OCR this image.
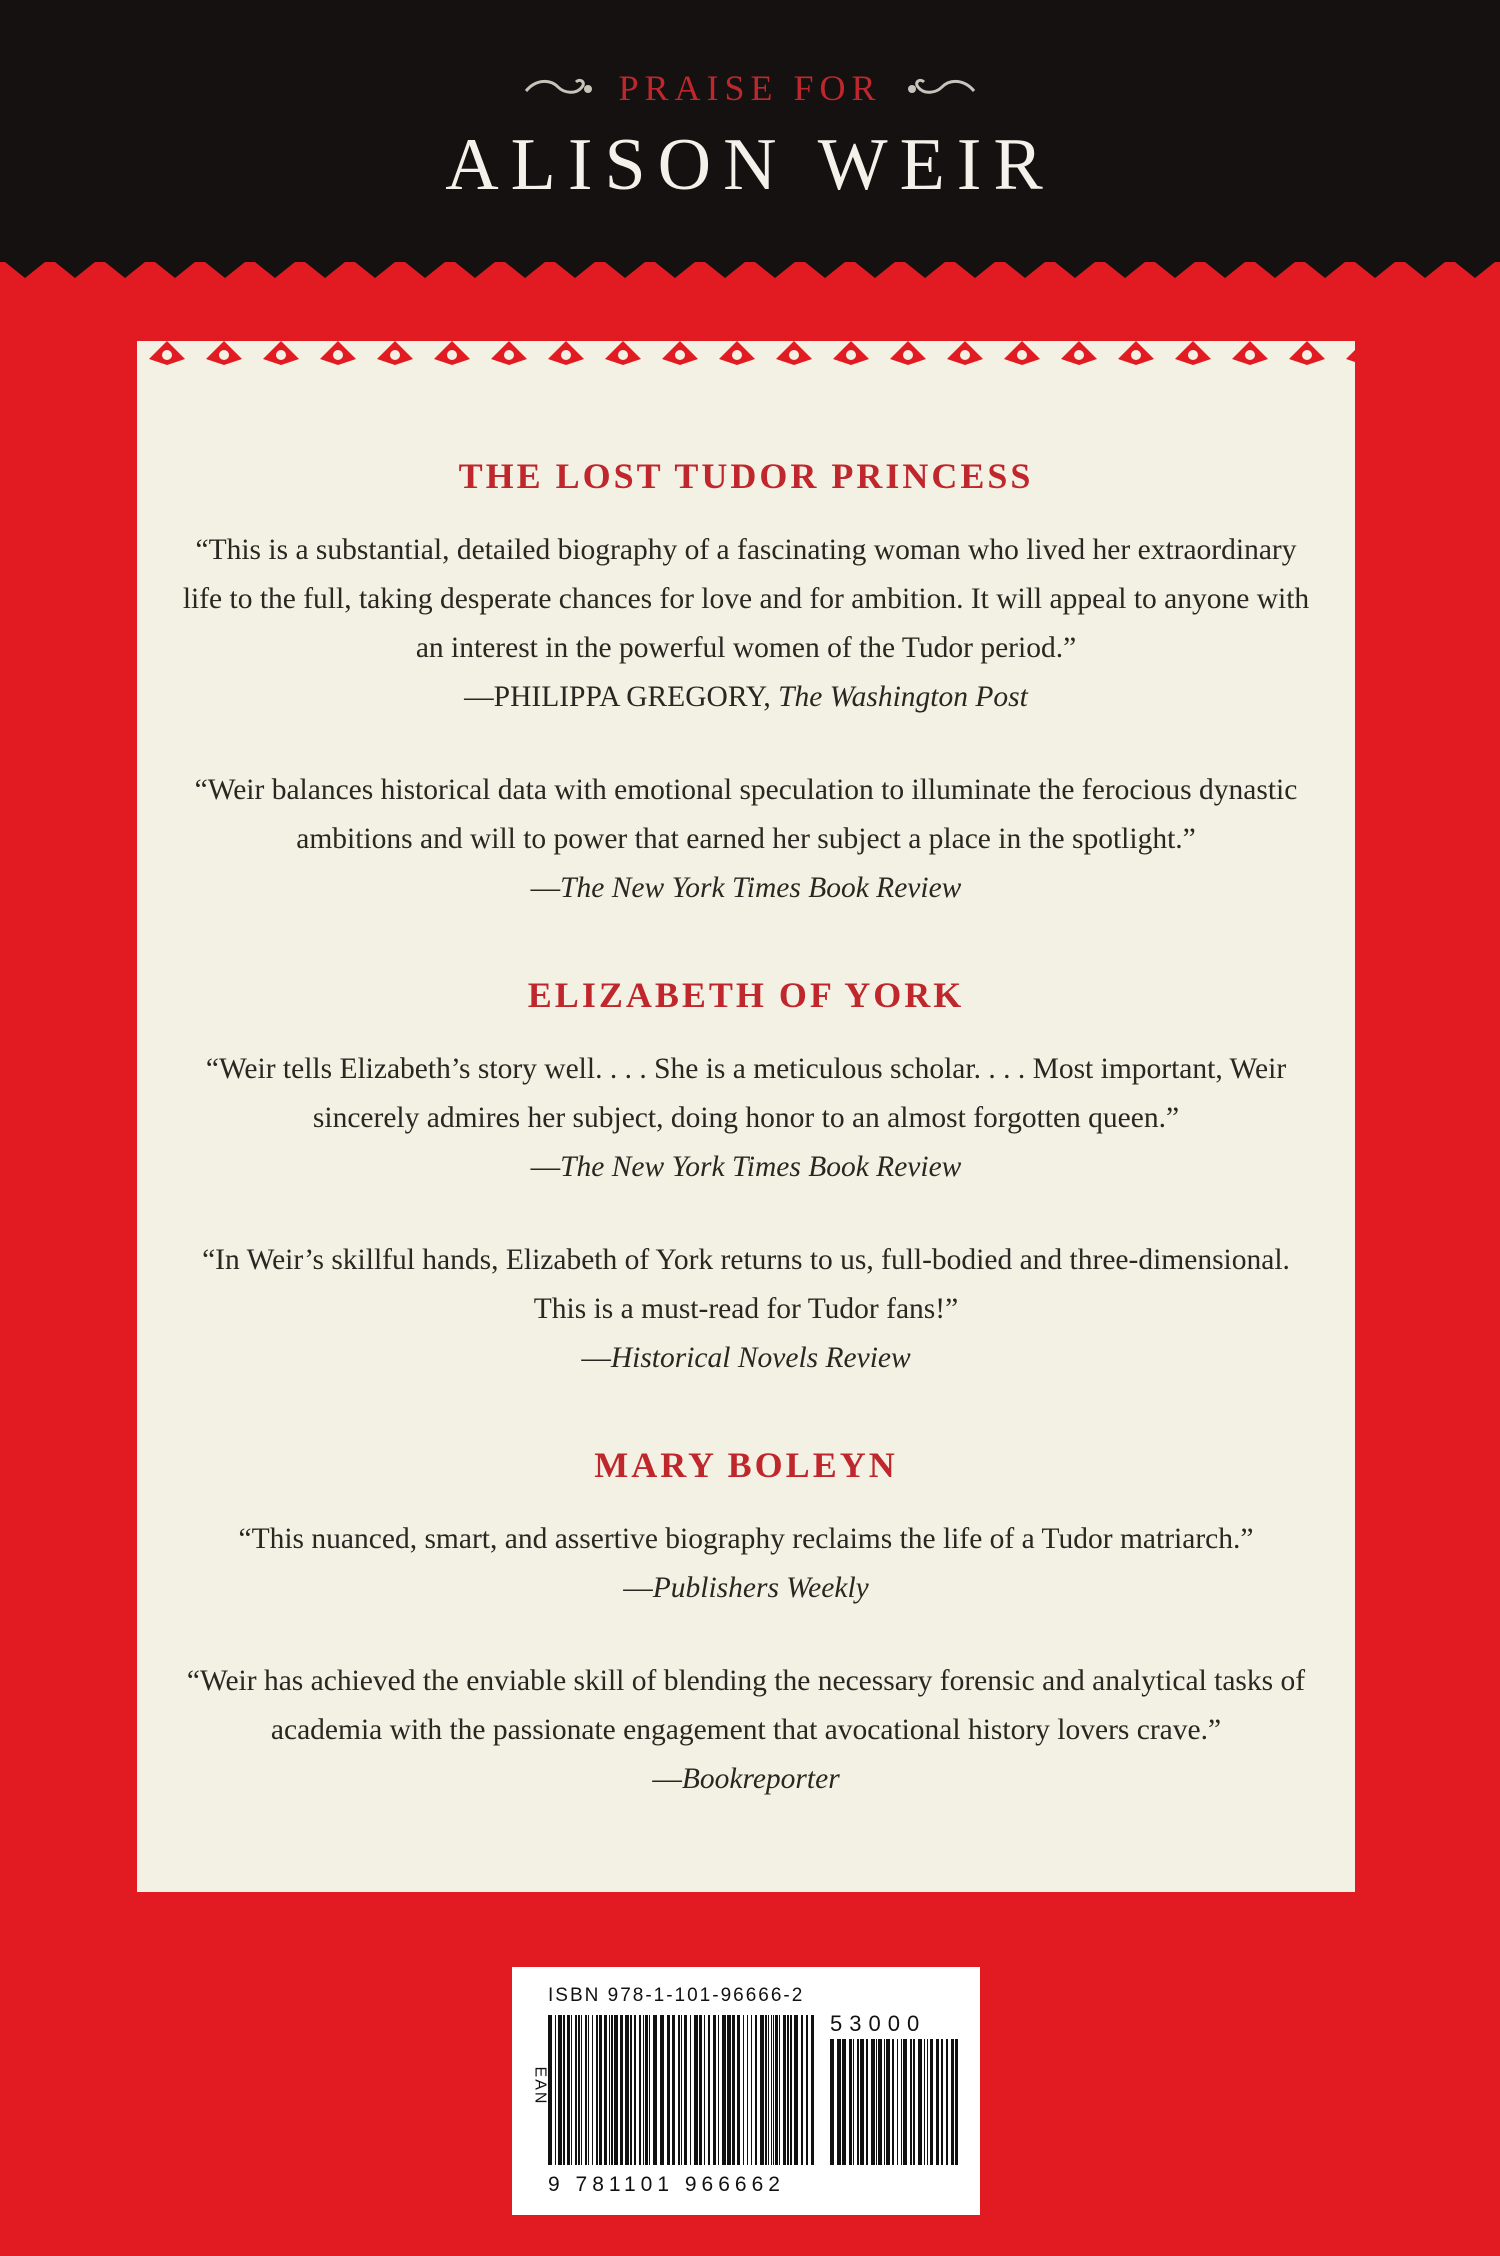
PRAISE FOR
ALISON WEIR
THE LOST TUDOR PRINCESS

“This is a substantial, detailed biography of a fascinating woman who lived her extraordinary life to the full, taking desperate chances for love and for ambition. It will appeal to anyone with an interest in the powerful women of the Tudor period.”

—PHILIPPA GREGORY, The Washington Post

“Weir balances historical data with emotional speculation to illuminate the ferocious dynastic ambitions and will to power that earned her subject a place in the spotlight.”

—The New York Times Book Review

ELIZABETH OF YORK

“Weir tells Elizabeth’s story well. . . . She is a meticulous scholar. . . . Most important, Weir sincerely admires her subject, doing honor to an almost forgotten queen.”

—The New York Times Book Review

“In Weir’s skillful hands, Elizabeth of York returns to us, full-bodied and three-dimensional. This is a must-read for Tudor fans!”

—Historical Novels Review

MARY BOLEYN

“This nuanced, smart, and assertive biography reclaims the life of a Tudor matriarch.”

—Publishers Weekly

“Weir has achieved the enviable skill of blending the necessary forensic and analytical tasks of academia with the passionate engagement that avocational history lovers crave.”

—Bookreporter

ISBN 978-1-101-96666-2
EAN
53000
9 781101 966662
